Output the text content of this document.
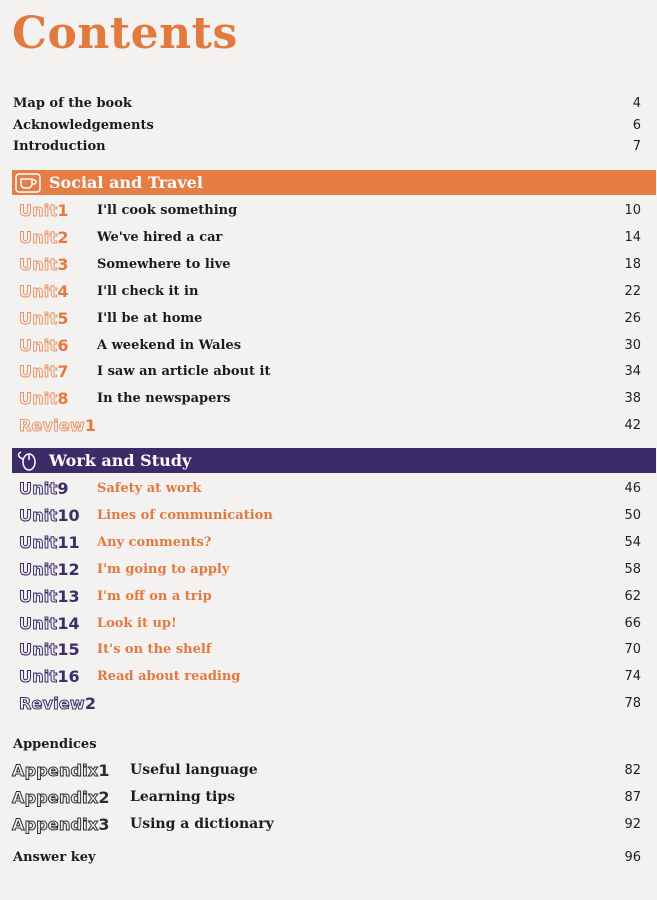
Contents
Map of the book	4
Acknowledgements	6
Introduction	7
Social and Travel
Unit 1 I'll cook something	10
Unit 2 We've hired a car	14
Unit 3 Somewhere to live	18
Unit 4 I'll check it in	22
Unit 5 I'll be at home	26
Unit 6 A weekend in Wales	30
Unit 7 I saw an article about it	34
Unit 8 In the newspapers	38
Review 1	42
Work and Study
Unit 9 Safety at work	46
Unit 10 Lines of communication	50
Unit 11 Any comments?	54
Unit 12 I'm going to apply	58
Unit 13 I'm off on a trip	62
Unit 14 Look it up!	66
Unit 15 It's on the shelf	70
Unit 16 Read about reading	74
Review 2	78
Appendices
Appendix 1 Useful language	82
Appendix 2 Learning tips	87
Appendix 3 Using a dictionary	92
Answer key	96
